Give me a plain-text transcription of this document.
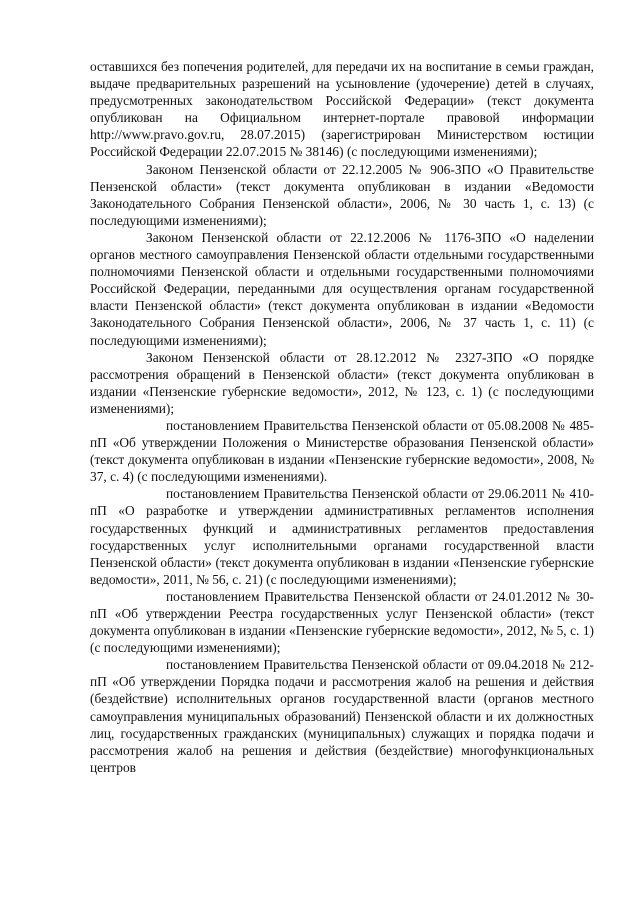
оставшихся без попечения родителей, для передачи их на воспитание в семьи граждан, выдаче предварительных разрешений на усыновление (удочерение) детей в случаях, предусмотренных законодательством Российской Федерации» (текст документа опубликован на Официальном интернет-портале правовой информации http://www.pravo.gov.ru, 28.07.2015) (зарегистрирован Министерством юстиции Российской Федерации 22.07.2015 № 38146) (с последующими изменениями);

Законом Пензенской области от 22.12.2005 № 906-ЗПО «О Правительстве Пензенской области» (текст документа опубликован в издании «Ведомости Законодательного Собрания Пензенской области», 2006, № 30 часть 1, с. 13) (с последующими изменениями);

Законом Пензенской области от 22.12.2006 № 1176-ЗПО «О наделении органов местного самоуправления Пензенской области отдельными государственными полномочиями Пензенской области и отдельными государственными полномочиями Российской Федерации, переданными для осуществления органам государственной власти Пензенской области» (текст документа опубликован в издании «Ведомости Законодательного Собрания Пензенской области», 2006, № 37 часть 1, с. 11) (с последующими изменениями);

Законом Пензенской области от 28.12.2012 № 2327-ЗПО «О порядке рассмотрения обращений в Пензенской области» (текст документа опубликован в издании «Пензенские губернские ведомости», 2012, № 123, с. 1) (с последующими изменениями);

постановлением Правительства Пензенской области от 05.08.2008 № 485-пП «Об утверждении Положения о Министерстве образования Пензенской области» (текст документа опубликован в издании «Пензенские губернские ведомости», 2008, № 37, с. 4) (с последующими изменениями).

постановлением Правительства Пензенской области от 29.06.2011 № 410-пП «О разработке и утверждении административных регламентов исполнения государственных функций и административных регламентов предоставления государственных услуг исполнительными органами государственной власти Пензенской области» (текст документа опубликован в издании «Пензенские губернские ведомости», 2011, № 56, с. 21) (с последующими изменениями);

постановлением Правительства Пензенской области от 24.01.2012 № 30-пП «Об утверждении Реестра государственных услуг Пензенской области» (текст документа опубликован в издании «Пензенские губернские ведомости», 2012, № 5, с. 1) (с последующими изменениями);

постановлением Правительства Пензенской области от 09.04.2018 № 212-пП «Об утверждении Порядка подачи и рассмотрения жалоб на решения и действия (бездействие) исполнительных органов государственной власти (органов местного самоуправления муниципальных образований) Пензенской области и их должностных лиц, государственных гражданских (муниципальных) служащих и порядка подачи и рассмотрения жалоб на решения и действия (бездействие) многофункциональных центров
